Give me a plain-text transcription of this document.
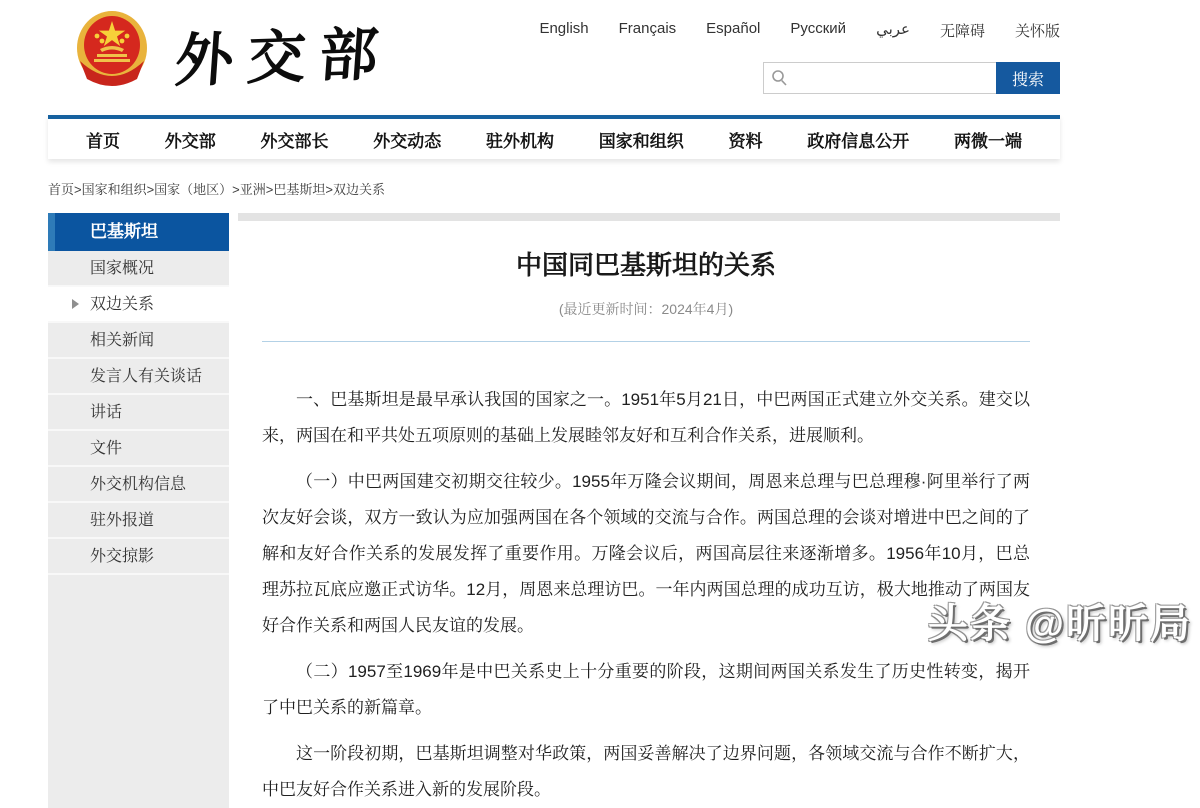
外交部	English Français Español Русский عربي 无障碍 关怀版
搜索
首页	外交部	外交部长	外交动态	驻外机构	国家和组织	资料	政府信息公开	两微一端
首页>国家和组织>国家（地区）>亚洲>巴基斯坦>双边关系
巴基斯坦
国家概况
双边关系
相关新闻
发言人有关谈话
讲话
文件
外交机构信息
驻外报道
外交掠影
中国同巴基斯坦的关系
(最近更新时间：2024年4月)

一、巴基斯坦是最早承认我国的国家之一。1951年5月21日，中巴两国正式建立外交关系。建交以来，两国在和平共处五项原则的基础上发展睦邻友好和互利合作关系，进展顺利。

（一）中巴两国建交初期交往较少。1955年万隆会议期间，周恩来总理与巴总理穆·阿里举行了两次友好会谈，双方一致认为应加强两国在各个领域的交流与合作。两国总理的会谈对增进中巴之间的了解和友好合作关系的发展发挥了重要作用。万隆会议后，两国高层往来逐渐增多。1956年10月，巴总理苏拉瓦底应邀正式访华。12月，周恩来总理访巴。一年内两国总理的成功互访，极大地推动了两国友好合作关系和两国人民友谊的发展。

（二）1957至1969年是中巴关系史上十分重要的阶段，这期间两国关系发生了历史性转变，揭开了中巴关系的新篇章。

这一阶段初期，巴基斯坦调整对华政策，两国妥善解决了边界问题，各领域交流与合作不断扩大，中巴友好合作关系进入新的发展阶段。

头条 @昕昕局
